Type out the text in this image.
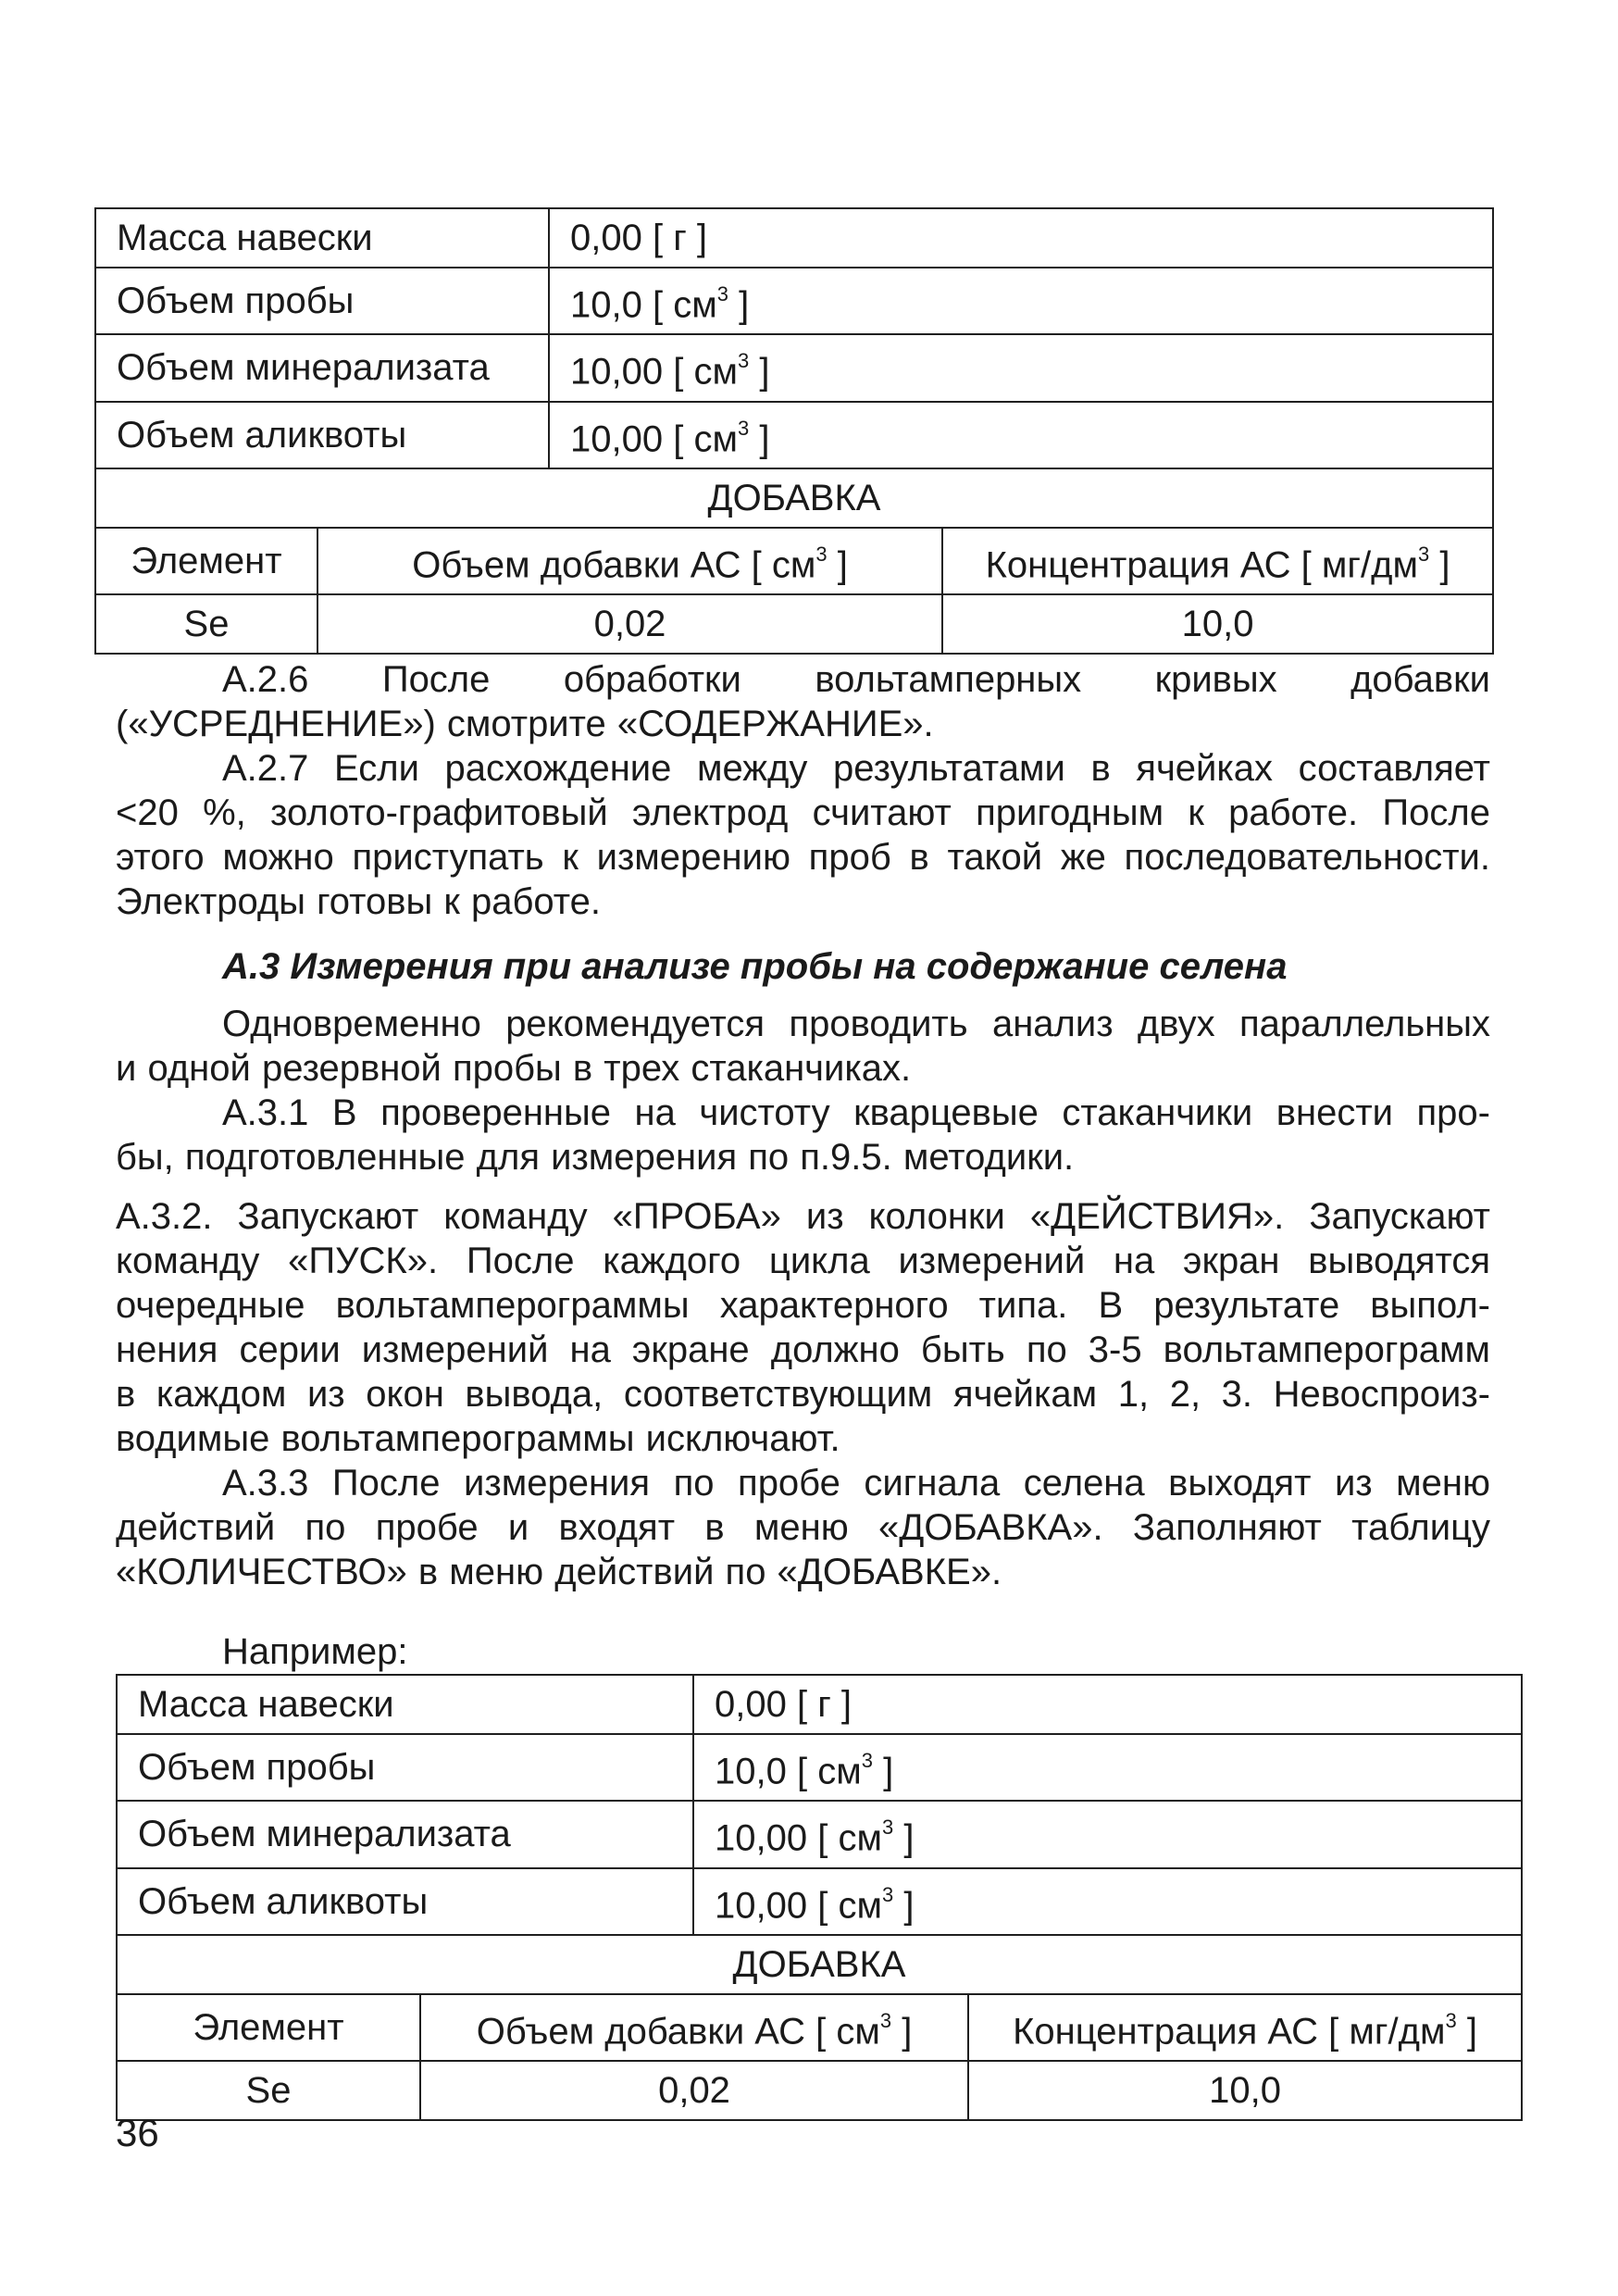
Масса навески		0,00 [ г ]	
Объем пробы		10,0 [ $см^3$ ]	
Объем минерализата		10,00 [ $см^3$ ]	
Объем аликвоты		10,00 [ $см^3$ ]	
ДОБАВКА			
Элемент	Объем добавки АС [ $см^3$ ]		Концентрация АС [ $мг/дм^3$ ]
Se	0,02		10,0

А.2.6 После обработки вольтамперных кривых добавки

(«УСРЕДНЕНИЕ») смотрите «СОДЕРЖАНИЕ».

А.2.7 Если расхождение между результатами в ячейках составляет

<20 %, золото-графитовый электрод считают пригодным к работе. После

этого можно приступать к измерению проб в такой же последовательности.

Электроды готовы к работе.

А.3 Измерения при анализе пробы на содержание селена

Одновременно рекомендуется проводить анализ двух параллельных

и одной резервной пробы в трех стаканчиках.

А.3.1 В проверенные на чистоту кварцевые стаканчики внести про-

бы, подготовленные для измерения по п.9.5. методики.

А.3.2. Запускают команду «ПРОБА» из колонки «ДЕЙСТВИЯ». Запускают

команду «ПУСК». После каждого цикла измерений на экран выводятся

очередные вольтамперограммы характерного типа. В результате выпол-

нения серии измерений на экране должно быть по 3-5 вольтамперограмм

в каждом из окон вывода, соответствующим ячейкам 1, 2, 3. Невоспроиз-

водимые вольтамперограммы исключают.

А.3.3 После измерения по пробе сигнала селена выходят из меню

действий по пробе и входят в меню «ДОБАВКА». Заполняют таблицу

«КОЛИЧЕСТВО» в меню действий по «ДОБАВКЕ».

Например:

Масса навески		0,00 [ г ]	
Объем пробы		10,0 [ $см^3$ ]	
Объем минерализата		10,00 [ $см^3$ ]	
Объем аликвоты		10,00 [ $см^3$ ]	
ДОБАВКА			
Элемент	Объем добавки АС [ $см^3$ ]		Концентрация АС [ $мг/дм^3$ ]
Se	0,02		10,0
36
